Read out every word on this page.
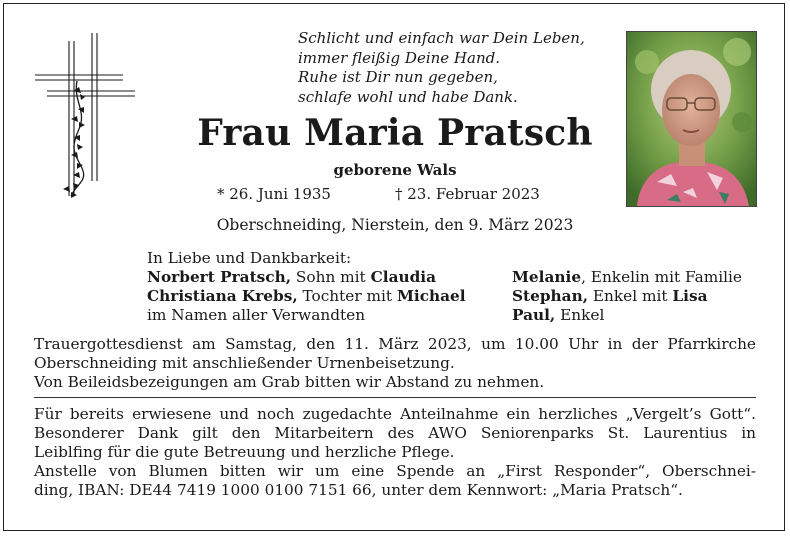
Schlicht und einfach war Dein Leben,
immer fleißig Deine Hand.
Ruhe ist Dir nun gegeben,
schlafe wohl und habe Dank.
Frau Maria Pratsch
geborene Wals
* 26. Juni 1935	† 23. Februar 2023
Oberschneiding, Nierstein, den 9. März 2023
In Liebe und Dankbarkeit:
Norbert Pratsch, Sohn mit Claudia
Christiana Krebs, Tochter mit Michael
im Namen aller Verwandten
Melanie, Enkelin mit Familie
Stephan, Enkel mit Lisa
Paul, Enkel
Trauergottesdienst am Samstag, den 11. März 2023, um 10.00 Uhr in der Pfarrkirche
Oberschneiding mit anschließender Urnenbeisetzung.
Von Beileidsbezeigungen am Grab bitten wir Abstand zu nehmen.
Für bereits erwiesene und noch zugedachte Anteilnahme ein herzliches „Vergelt’s Gott“.
Besonderer Dank gilt den Mitarbeitern des AWO Seniorenparks St. Laurentius in
Leiblfing für die gute Betreuung und herzliche Pflege.
Anstelle von Blumen bitten wir um eine Spende an „First Responder“, Oberschnei-
ding, IBAN: DE44 7419 1000 0100 7151 66, unter dem Kennwort: „Maria Pratsch“.
